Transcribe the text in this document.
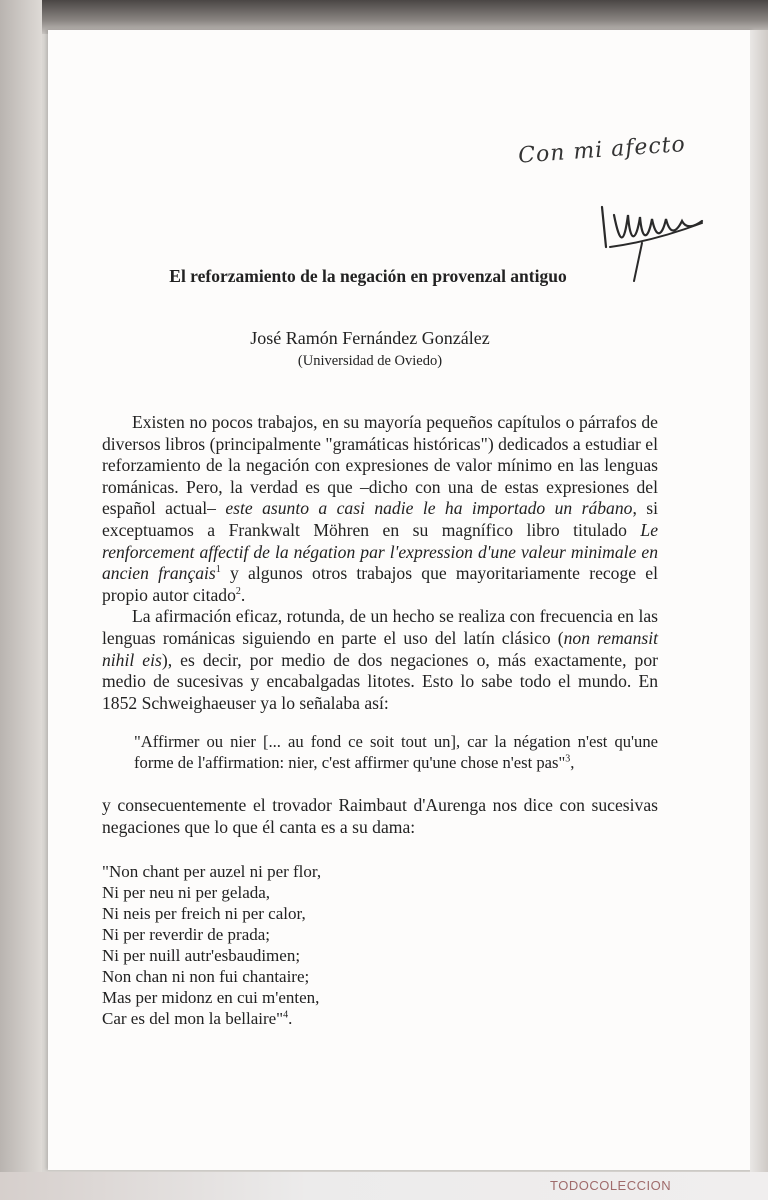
Con mi afecto
El reforzamiento de la negación en provenzal antiguo
José Ramón Fernández González
(Universidad de Oviedo)

Existen no pocos trabajos, en su mayoría pequeños capítulos o párrafos de diversos libros (principalmente "gramáticas históricas") dedicados a estudiar el reforzamiento de la negación con expresiones de valor mínimo en las lenguas románicas. Pero, la verdad es que –dicho con una de estas expresiones del español actual– este asunto a casi nadie le ha importado un rábano, si exceptuamos a Frankwalt Möhren en su magnífico libro titulado Le renforcement affectif de la négation par l'expression d'une valeur minimale en ancien français$^1$ y algunos otros trabajos que mayoritariamente recoge el propio autor citado$^2$.

La afirmación eficaz, rotunda, de un hecho se realiza con frecuencia en las lenguas románicas siguiendo en parte el uso del latín clásico (non remansit nihil eis), es decir, por medio de dos negaciones o, más exactamente, por medio de sucesivas y encabalgadas litotes. Esto lo sabe todo el mundo. En 1852 Schweighaeuser ya lo señalaba así:

"Affirmer ou nier [... au fond ce soit tout un], car la négation n'est qu'une forme de l'affirmation: nier, c'est affirmer qu'une chose n'est pas"$^3$,

y consecuentemente el trovador Raimbaut d'Aurenga nos dice con sucesivas negaciones que lo que él canta es a su dama:

"Non chant per auzel ni per flor,
Ni per neu ni per gelada,
Ni neis per freich ni per calor,
Ni per reverdir de prada;
Ni per nuill autr'esbaudimen;
Non chan ni non fui chantaire;
Mas per midonz en cui m'enten,
Car es del mon la bellaire"$^4$.
TODOCOLECCION
